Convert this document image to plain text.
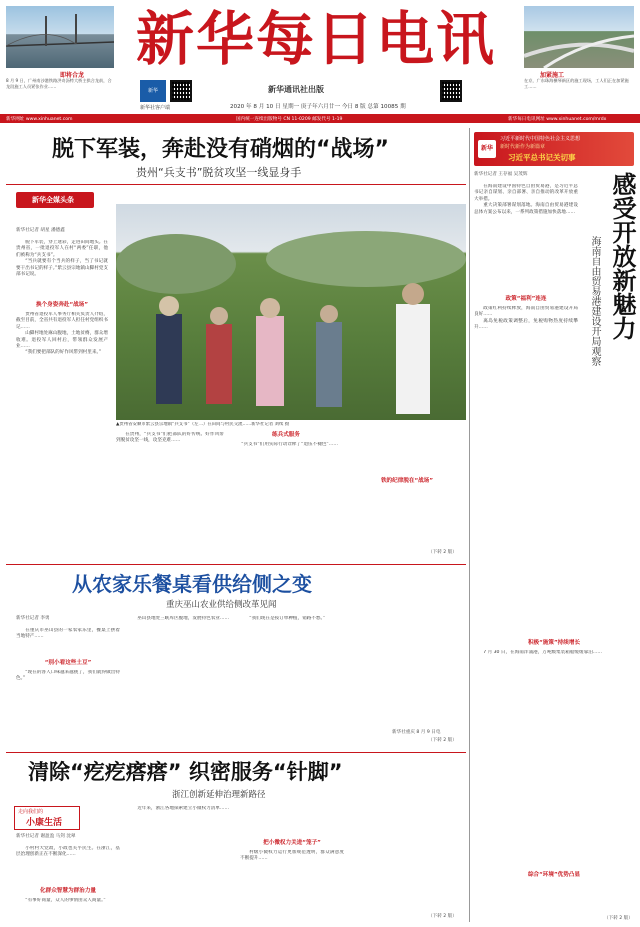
即将合龙
8 月 9 日，广州南沙港铁路洪奇沥特大桥主拱合龙前，合龙段施工人员紧张作业……
新华每日电讯
新华社客户端
新华	新华通讯社出版
2020 年 8 月 10 日 星期一 庚子年六月廿一 今日 8 版 总第 10085 期
加紧施工
在京，广东珠海横琴新区的施工现场，工人们正在加紧施工……
新华网址 www.xinhuanet.com	国内统一连续出版物号 CN 11-0209 邮发代号 1-19	新华每日电讯网址 www.xinhuanet.com/mrdx
脱下军装，奔赴没有硝烟的“战场”
贵州“兵支书”脱贫攻坚一线显身手
新华全媒头条
新华社记者 胡星 潘德鑫

脱下军装，穿上迷彩，走进田间地头。在贵州省，一批退役军人在村“两委”任职，他们被称为“兵支书”。

“当兵就要有个当兵的样子，当了书记就要干出书记的样子。”紫云县宗地镇山脚村党支部书记说。

换个身姿奔赴“战场”

贵州省退役军人事务厅相关负责人介绍，截至目前，全省共有退役军人担任村党组织书记……

山脚村地处麻山腹地，土地贫瘠，群众增收难。退役军人回村后，带领群众发展产业……

“我们要把部队的好作风带到村里来。”

▲贵州省安顺市紫云县宗地镇“兵支书”（左二）在田间与村民交流……新华社记者 刘续 摄

在贵州，“兵支书”们把部队的好传统、好作风带到脱贫攻坚一线，攻坚克难……

练兵式服务

“兵支书”们用实际行动诠释了“退伍不褪色”……

铁的纪律脱在“战场”
（下转 2 版）
新华
习近平新时代中国特色社会主义思想
新时代新作为新篇章
习近平总书记关切事
新华社记者 王存福 吴茂辉	感受开放新魅力
海南自由贸易港建设开局观察

在海南建设中国特色自由贸易港，是习近平总书记亲自谋划、亲自部署、亲自推动的改革开放重大举措。

重大决策部署谋划落地。海南自由贸易港建设总体方案公布以来，一系列政策措施加快落地……

政策“福利”连连

政策红利持续释放，海南自由贸易港建设开局良好……

离岛免税政策调整后，免税购物热度持续攀升……

积极“施策”持续增长

7 月 30 日，在海南洋浦港，万吨级集装箱船缓缓靠泊……

综合“环境”优势凸显
（下转 2 版）
从农家乐餐桌看供给侧之变
重庆巫山农业供给侧改革见闻
新华社记者 李勇

在重庆市巫山县的一家农家乐里，餐桌上摆着当地特产……

“别小看这些土豆”

“现在的客人口味越来越挑了，我们就得做出特色。”

巫山县地处三峡库区腹地，发展特色农业……	“我们现在是按订单种植，销路不愁。”

新华社重庆 8 月 9 日电
（下转 2 版）
清除“疙疙瘩瘩” 织密服务“针脚”
浙江创新延伸治理新路径
走向我们的
小康生活
新华社记者 谢盈盈 马剑 沈翠

小村村大党政，小政也关乎民生。在浙江，基层治理创新正在不断深化……

化群众智慧为群治力量

“有事好商量，众人的事情由众人商量。”

近年来，浙江各地探索建立小微权力清单……

把小微权力关进“笼子”

村级小微权力运行更加规范透明，群众满意度不断提升……

（下转 2 版）
